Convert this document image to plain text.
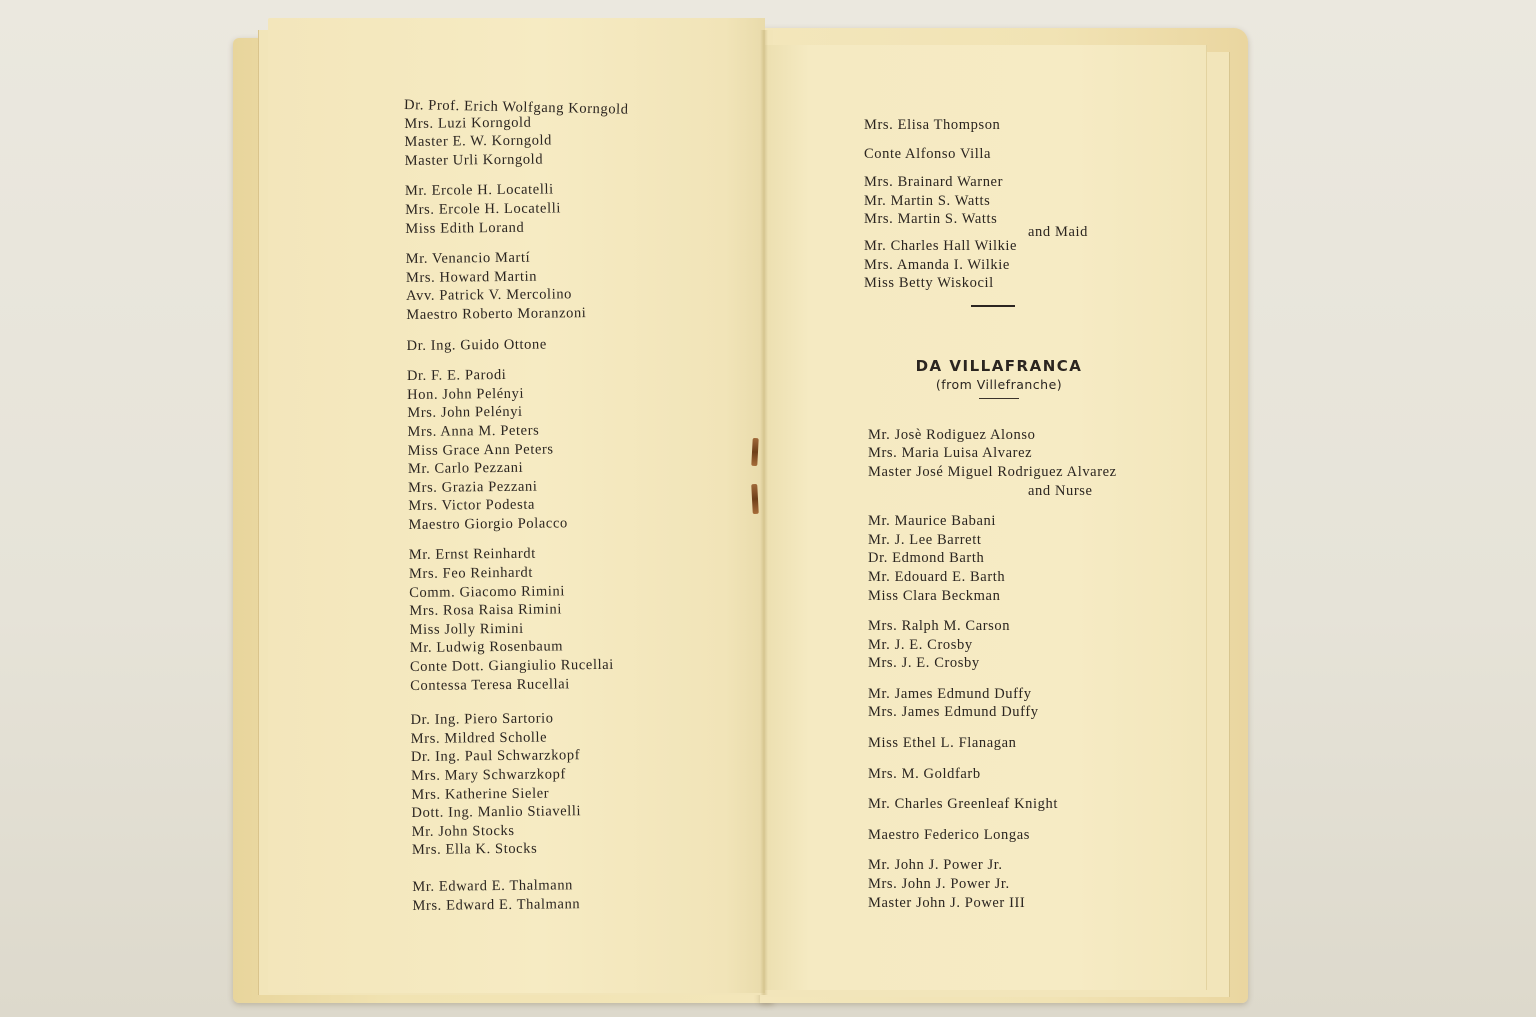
Dr. Prof. Erich Wolfgang Korngold
Mrs. Luzi Korngold
Master E. W. Korngold
Master Urli Korngold
Mr. Ercole H. Locatelli
Mrs. Ercole H. Locatelli
Miss Edith Lorand
Mr. Venancio Martí
Mrs. Howard Martin
Avv. Patrick V. Mercolino
Maestro Roberto Moranzoni
Dr. Ing. Guido Ottone
Dr. F. E. Parodi
Hon. John Pelényi
Mrs. John Pelényi
Mrs. Anna M. Peters
Miss Grace Ann Peters
Mr. Carlo Pezzani
Mrs. Grazia Pezzani
Mrs. Victor Podesta
Maestro Giorgio Polacco
Mr. Ernst Reinhardt
Mrs. Feo Reinhardt
Comm. Giacomo Rimini
Mrs. Rosa Raisa Rimini
Miss Jolly Rimini
Mr. Ludwig Rosenbaum
Conte Dott. Giangiulio Rucellai
Contessa Teresa Rucellai
Dr. Ing. Piero Sartorio
Mrs. Mildred Scholle
Dr. Ing. Paul Schwarzkopf
Mrs. Mary Schwarzkopf
Mrs. Katherine Sieler
Dott. Ing. Manlio Stiavelli
Mr. John Stocks
Mrs. Ella K. Stocks
Mr. Edward E. Thalmann
Mrs. Edward E. Thalmann
Mrs. Elisa Thompson
Conte Alfonso Villa
Mrs. Brainard Warner
Mr. Martin S. Watts
Mrs. Martin S. Watts
and Maid
Mr. Charles Hall Wilkie
Mrs. Amanda I. Wilkie
Miss Betty Wiskocil
DA VILLAFRANCA
(from Villefranche)
Mr. Josè Rodiguez Alonso
Mrs. Maria Luisa Alvarez
Master José Miguel Rodriguez Alvarez
and Nurse
Mr. Maurice Babani
Mr. J. Lee Barrett
Dr. Edmond Barth
Mr. Edouard E. Barth
Miss Clara Beckman
Mrs. Ralph M. Carson
Mr. J. E. Crosby
Mrs. J. E. Crosby
Mr. James Edmund Duffy
Mrs. James Edmund Duffy
Miss Ethel L. Flanagan
Mrs. M. Goldfarb
Mr. Charles Greenleaf Knight
Maestro Federico Longas
Mr. John J. Power Jr.
Mrs. John J. Power Jr.
Master John J. Power III
